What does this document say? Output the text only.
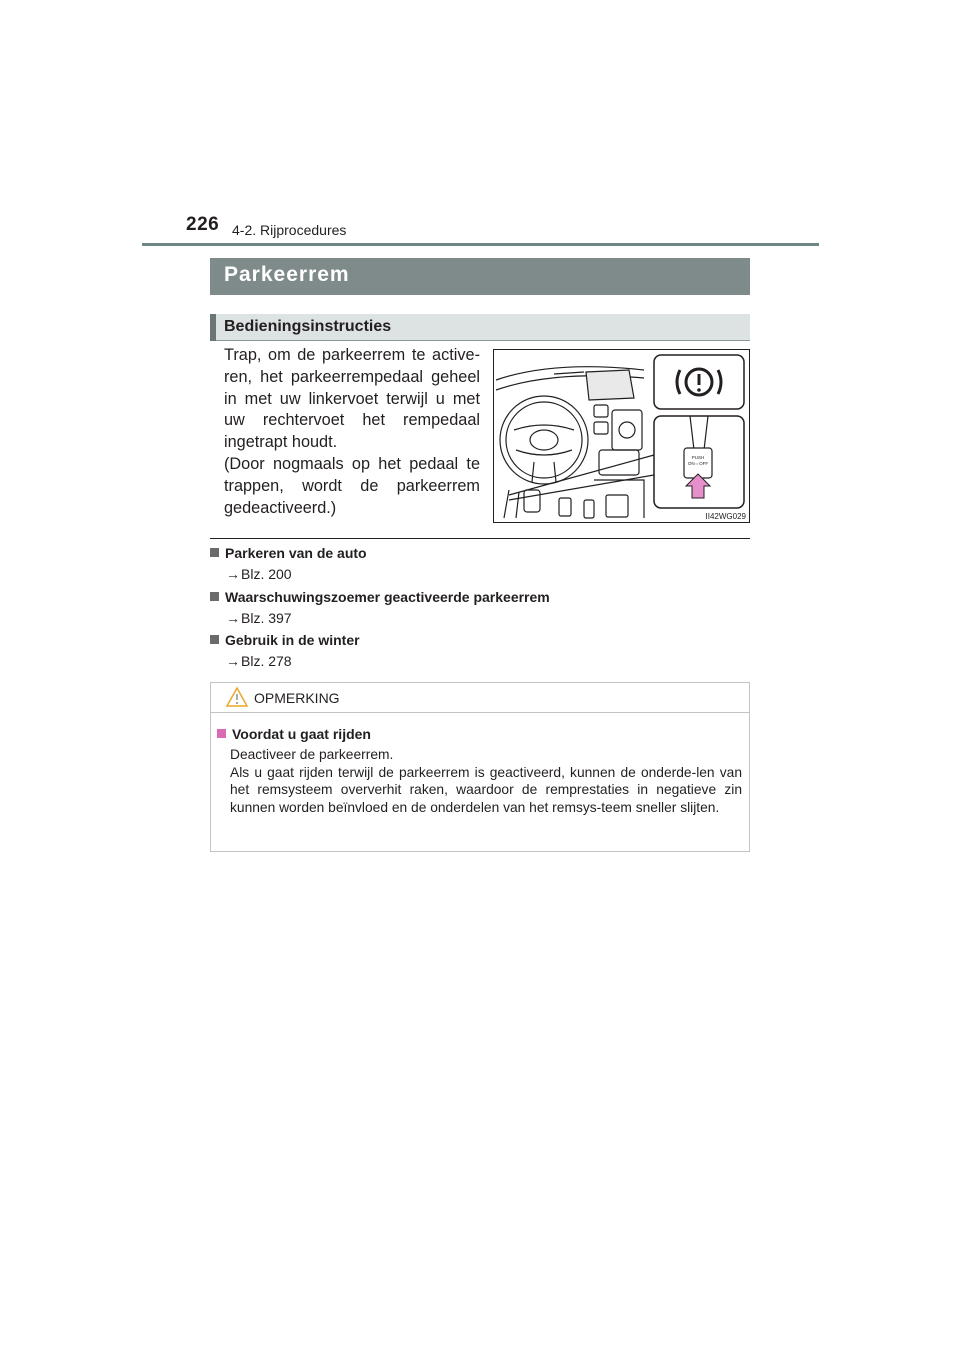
226 4-2. Rijprocedures
Parkeerrem
Bedieningsinstructies
Trap, om de parkeerrem te active-ren, het parkeerrempedaal geheel in met uw linkervoet terwijl u met uw rechtervoet het rempedaal ingetrapt houdt.
(Door nogmaals op het pedaal te trappen, wordt de parkeerrem gedeactiveerd.)
PUSH
ON⇔OFF
II42WG029
Parkeren van de auto
→Blz. 200
Waarschuwingszoemer geactiveerde parkeerrem
→Blz. 397
Gebruik in de winter
→Blz. 278
OPMERKING
Voordat u gaat rijden

Deactiveer de parkeerrem.

Als u gaat rijden terwijl de parkeerrem is geactiveerd, kunnen de onderde-len van het remsysteem oververhit raken, waardoor de remprestaties in negatieve zin kunnen worden beïnvloed en de onderdelen van het remsys-teem sneller slijten.
